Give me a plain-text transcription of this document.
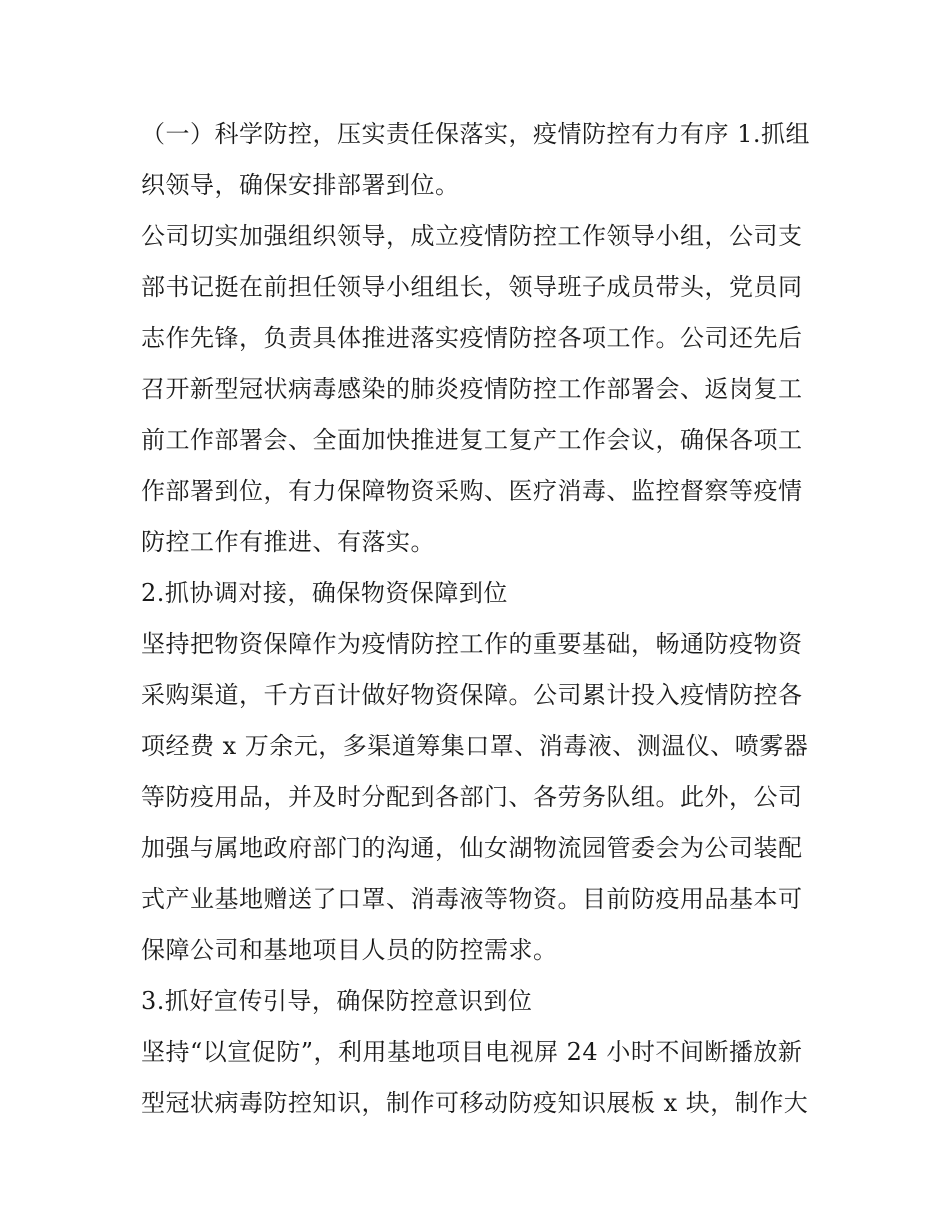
（一）科学防控，压实责任保落实，疫情防控有力有序 1.抓组
织领导，确保安排部署到位。
公司切实加强组织领导，成立疫情防控工作领导小组，公司支
部书记挺在前担任领导小组组长，领导班子成员带头，党员同
志作先锋，负责具体推进落实疫情防控各项工作。公司还先后
召开新型冠状病毒感染的肺炎疫情防控工作部署会、返岗复工
前工作部署会、全面加快推进复工复产工作会议，确保各项工
作部署到位，有力保障物资采购、医疗消毒、监控督察等疫情
防控工作有推进、有落实。
2.抓协调对接，确保物资保障到位
坚持把物资保障作为疫情防控工作的重要基础，畅通防疫物资
采购渠道，千方百计做好物资保障。公司累计投入疫情防控各
项经费 x 万余元，多渠道筹集口罩、消毒液、测温仪、喷雾器
等防疫用品，并及时分配到各部门、各劳务队组。此外，公司
加强与属地政府部门的沟通，仙女湖物流园管委会为公司装配
式产业基地赠送了口罩、消毒液等物资。目前防疫用品基本可
保障公司和基地项目人员的防控需求。
3.抓好宣传引导，确保防控意识到位
坚持“以宣促防”，利用基地项目电视屏 24 小时不间断播放新
型冠状病毒防控知识，制作可移动防疫知识展板 x 块，制作大
